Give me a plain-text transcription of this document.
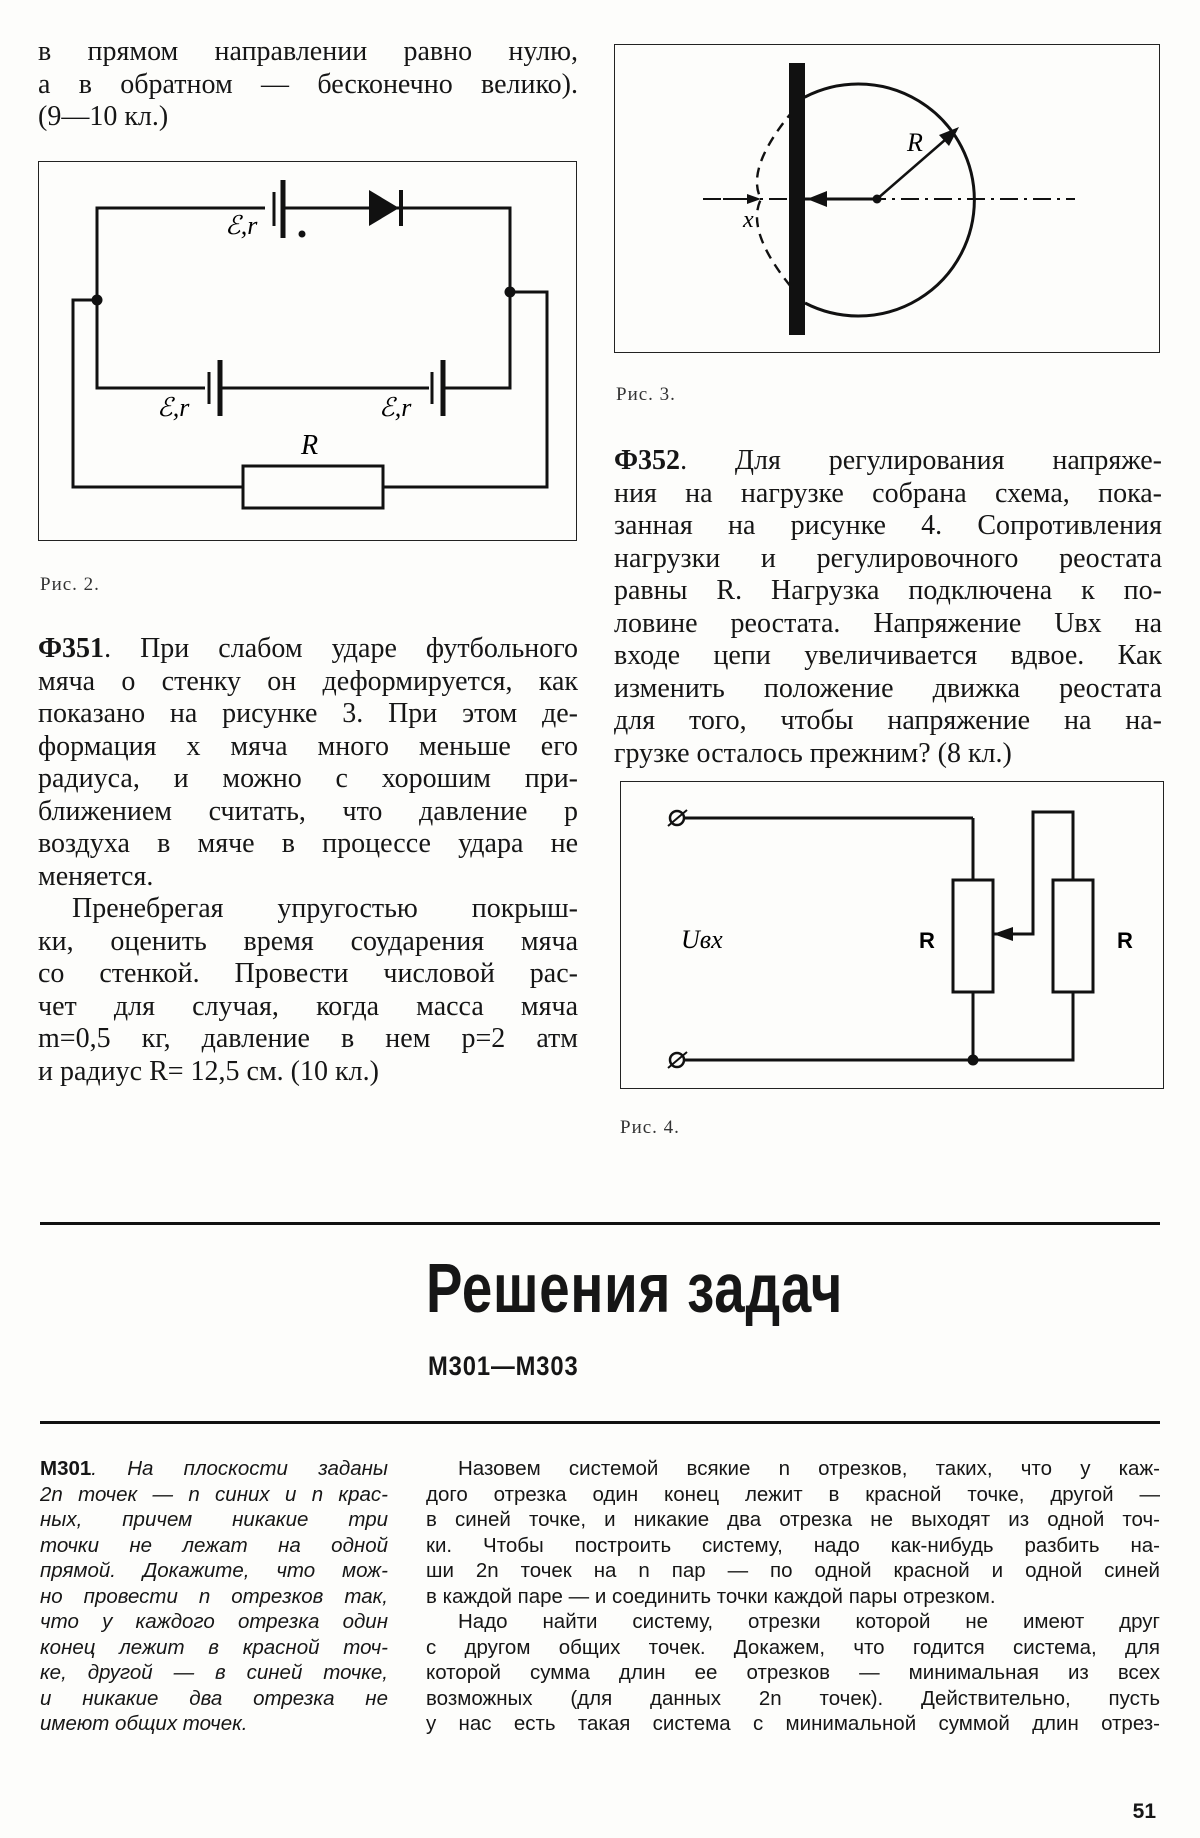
в прямом направлении равно нулю,

а в обратном — бесконечно велико).

(9—10 кл.)

ℰ,r
ℰ,r	ℰ,r
R
Рис. 2.

Ф351. При слабом ударе футбольного

мяча о стенку он деформируется, как

показано на рисунке 3. При этом де-

формация x мяча много меньше его

радиуса, и можно с хорошим при-

ближением считать, что давление p

воздуха в мяче в процессе удара не

меняется.

Пренебрегая упругостью покрыш-

ки, оценить время соударения мяча

со стенкой. Провести числовой рас-

чет для случая, когда масса мяча

m=0,5 кг, давление в нем p=2 атм

и радиус R= 12,5 см. (10 кл.)

R
x
Рис. 3.

Ф352. Для регулирования напряже-

ния на нагрузке собрана схема, пока-

занная на рисунке 4. Сопротивления

нагрузки и регулировочного реостата

равны R. Нагрузка подключена к по-

ловине реостата. Напряжение Uвх на

входе цепи увеличивается вдвое. Как

изменить положение движка реостата

для того, чтобы напряжение на на-

грузке осталось прежним? (8 кл.)

Uвх	R	R
Рис. 4.
Решения задач
М301—М303
М301. На плоскости заданы
2n точек — n синих и n крас-
ных, причем никакие три
точки не лежат на одной
прямой. Докажите, что мож-
но провести n отрезков так,
что у каждого отрезка один
конец лежит в красной точ-
ке, другой — в синей точке,
и никакие два отрезка не
имеют общих точек.

Назовем системой всякие n отрезков, таких, что у каж-

дого отрезка один конец лежит в красной точке, другой —

в синей точке, и никакие два отрезка не выходят из одной точ-

ки. Чтобы построить систему, надо как-нибудь разбить на-

ши 2n точек на n пар — по одной красной и одной синей

в каждой паре — и соединить точки каждой пары отрезком.

Надо найти систему, отрезки которой не имеют друг

с другом общих точек. Докажем, что годится система, для

которой сумма длин ее отрезков — минимальная из всех

возможных (для данных 2n точек). Действительно, пусть

у нас есть такая система с минимальной суммой длин отрез-

51
